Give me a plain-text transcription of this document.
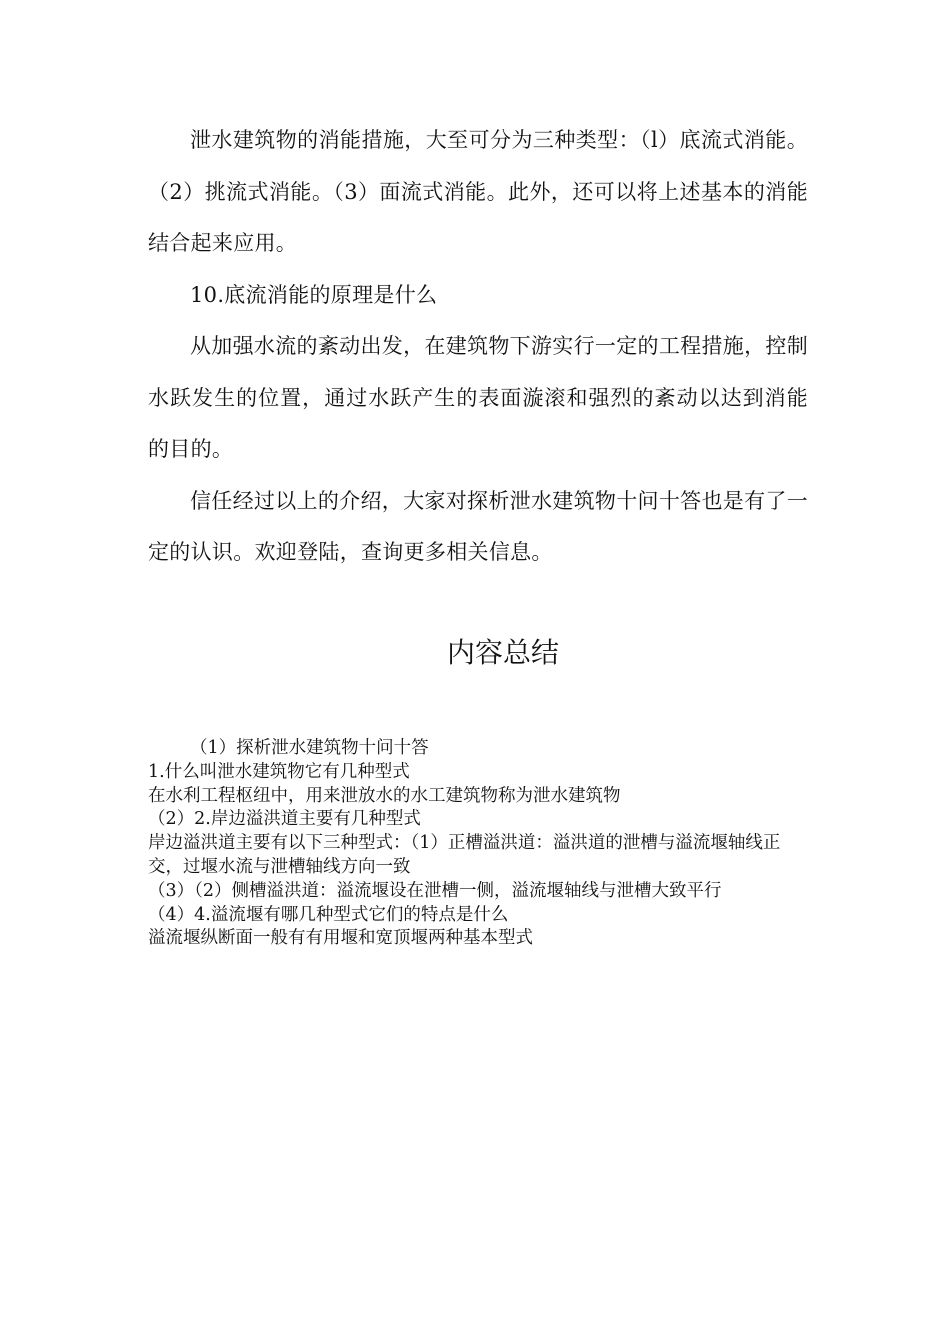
泄水建筑物的消能措施，大至可分为三种类型：（l）底流式消能。（2）挑流式消能。（3）面流式消能。此外，还可以将上述基本的消能结合起来应用。

10.底流消能的原理是什么

从加强水流的紊动出发，在建筑物下游实行一定的工程措施，控制水跃发生的位置，通过水跃产生的表面漩滚和强烈的紊动以达到消能的目的。

信任经过以上的介绍，大家对探析泄水建筑物十问十答也是有了一定的认识。欢迎登陆，查询更多相关信息。

内容总结

（1）探析泄水建筑物十问十答

1.什么叫泄水建筑物它有几种型式

在水利工程枢纽中，用来泄放水的水工建筑物称为泄水建筑物

（2）2.岸边溢洪道主要有几种型式

岸边溢洪道主要有以下三种型式：（1）正槽溢洪道：溢洪道的泄槽与溢流堰轴线正交，过堰水流与泄槽轴线方向一致

（3）（2）侧槽溢洪道：溢流堰设在泄槽一侧，溢流堰轴线与泄槽大致平行

（4）4.溢流堰有哪几种型式它们的特点是什么

溢流堰纵断面一般有有用堰和宽顶堰两种基本型式
